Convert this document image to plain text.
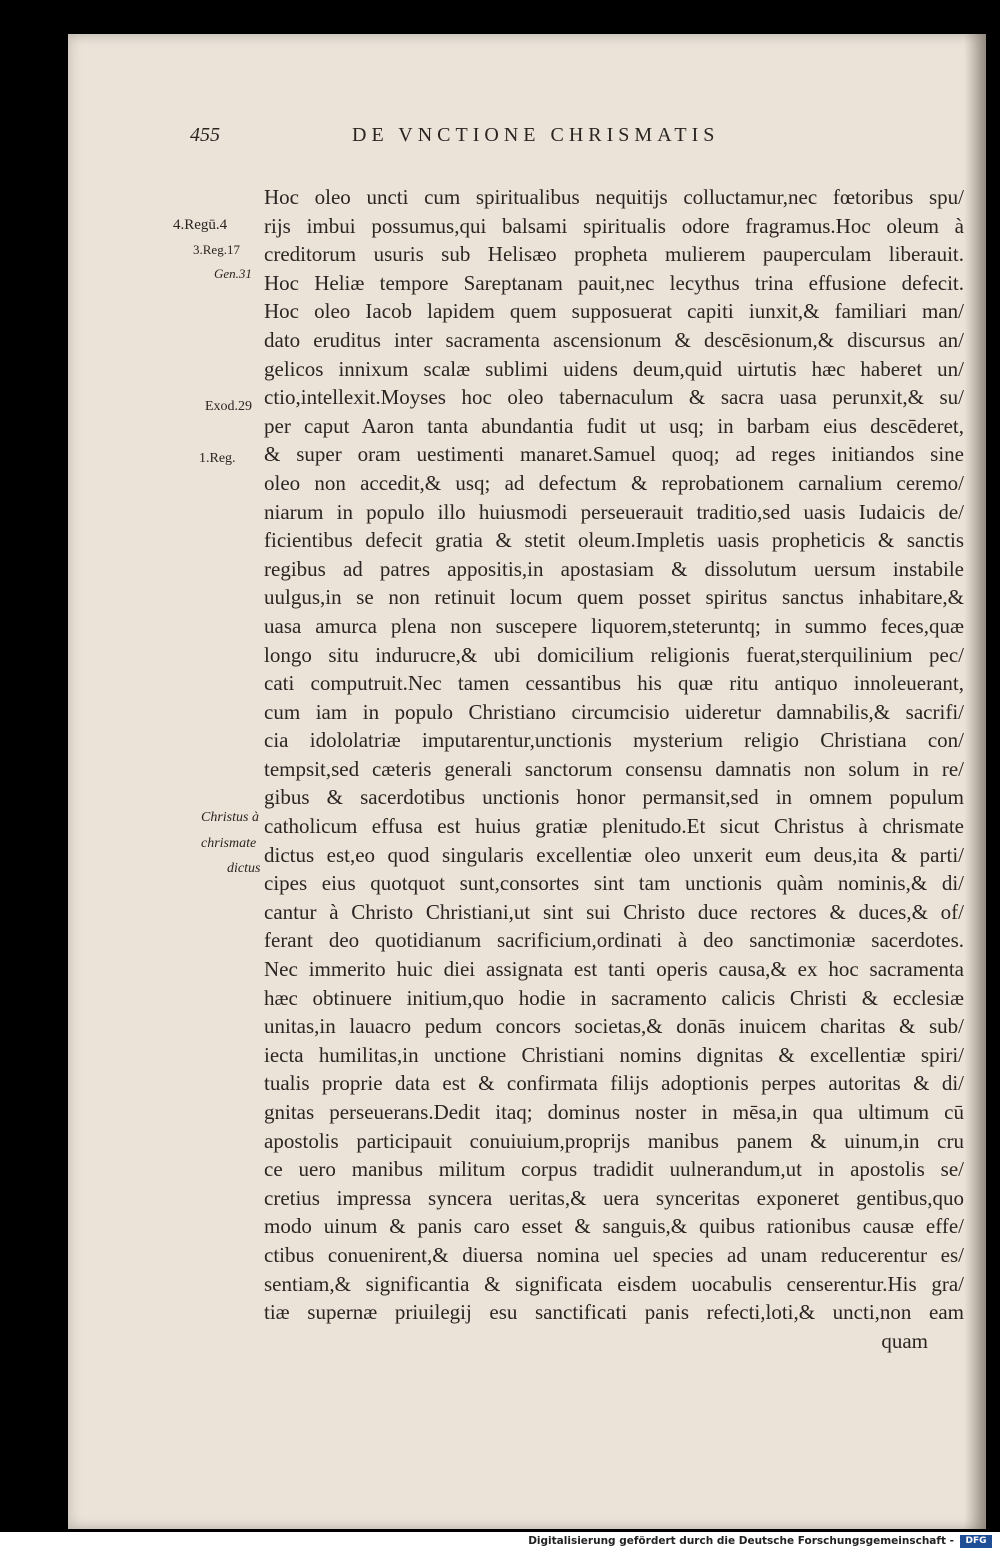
455	DE VNCTIONE CHRISMATIS
4.Regū.4
3.Reg.17
Gen.31
Exod.29
1.Reg.
Christus à
chrismate
dictus
Hoc oleo uncti cum spiritualibus nequitijs colluctamur,nec fœtoribus spu/
rijs imbui possumus,qui balsami spiritualis odore fragramus.Hoc oleum à
creditorum usuris sub Helisæo propheta mulierem pauperculam liberauit.
Hoc Heliæ tempore Sareptanam pauit,nec lecythus trina effusione defecit.
Hoc oleo Iacob lapidem quem supposuerat capiti iunxit,& familiari man/
dato eruditus inter sacramenta ascensionum & descēsionum,& discursus an/
gelicos innixum scalæ sublimi uidens deum,quid uirtutis hæc haberet un/
ctio,intellexit.Moyses hoc oleo tabernaculum & sacra uasa perunxit,& su/
per caput Aaron tanta abundantia fudit ut usq; in barbam eius descēderet,
& super oram uestimenti manaret.Samuel quoq; ad reges initiandos sine
oleo non accedit,& usq; ad defectum & reprobationem carnalium ceremo/
niarum in populo illo huiusmodi perseuerauit traditio,sed uasis Iudaicis de/
ficientibus defecit gratia & stetit oleum.Impletis uasis propheticis & sanctis
regibus ad patres appositis,in apostasiam & dissolutum uersum instabile
uulgus,in se non retinuit locum quem posset spiritus sanctus inhabitare,&
uasa amurca plena non suscepere liquorem,steteruntq; in summo feces,quæ
longo situ indurucre,& ubi domicilium religionis fuerat,sterquilinium pec/
cati computruit.Nec tamen cessantibus his quæ ritu antiquo innoleuerant,
cum iam in populo Christiano circumcisio uideretur damnabilis,& sacrifi/
cia idololatriæ imputarentur,unctionis mysterium religio Christiana con/
tempsit,sed cæteris generali sanctorum consensu damnatis non solum in re/
gibus & sacerdotibus unctionis honor permansit,sed in omnem populum
catholicum effusa est huius gratiæ plenitudo.Et sicut Christus à chrismate
dictus est,eo quod singularis excellentiæ oleo unxerit eum deus,ita & parti/
cipes eius quotquot sunt,consortes sint tam unctionis quàm nominis,& di/
cantur à Christo Christiani,ut sint sui Christo duce rectores & duces,& of/
ferant deo quotidianum sacrificium,ordinati à deo sanctimoniæ sacerdotes.
Nec immerito huic diei assignata est tanti operis causa,& ex hoc sacramenta
hæc obtinuere initium,quo hodie in sacramento calicis Christi & ecclesiæ
unitas,in lauacro pedum concors societas,& donās inuicem charitas & sub/
iecta humilitas,in unctione Christiani nomins dignitas & excellentiæ spiri/
tualis proprie data est & confirmata filijs adoptionis perpes autoritas & di/
gnitas perseuerans.Dedit itaq; dominus noster in mēsa,in qua ultimum cū
apostolis participauit conuiuium,proprijs manibus panem & uinum,in cru
ce uero manibus militum corpus tradidit uulnerandum,ut in apostolis se/
cretius impressa syncera ueritas,& uera synceritas exponeret gentibus,quo
modo uinum & panis caro esset & sanguis,& quibus rationibus causæ effe/
ctibus conuenirent,& diuersa nomina uel species ad unam reducerentur es/
sentiam,& significantia & significata eisdem uocabulis censerentur.His gra/
tiæ supernæ priuilegij esu sanctificati panis refecti,loti,& uncti,non eam
quam
Digitalisierung gefördert durch die Deutsche Forschungsgemeinschaft -	DFG
